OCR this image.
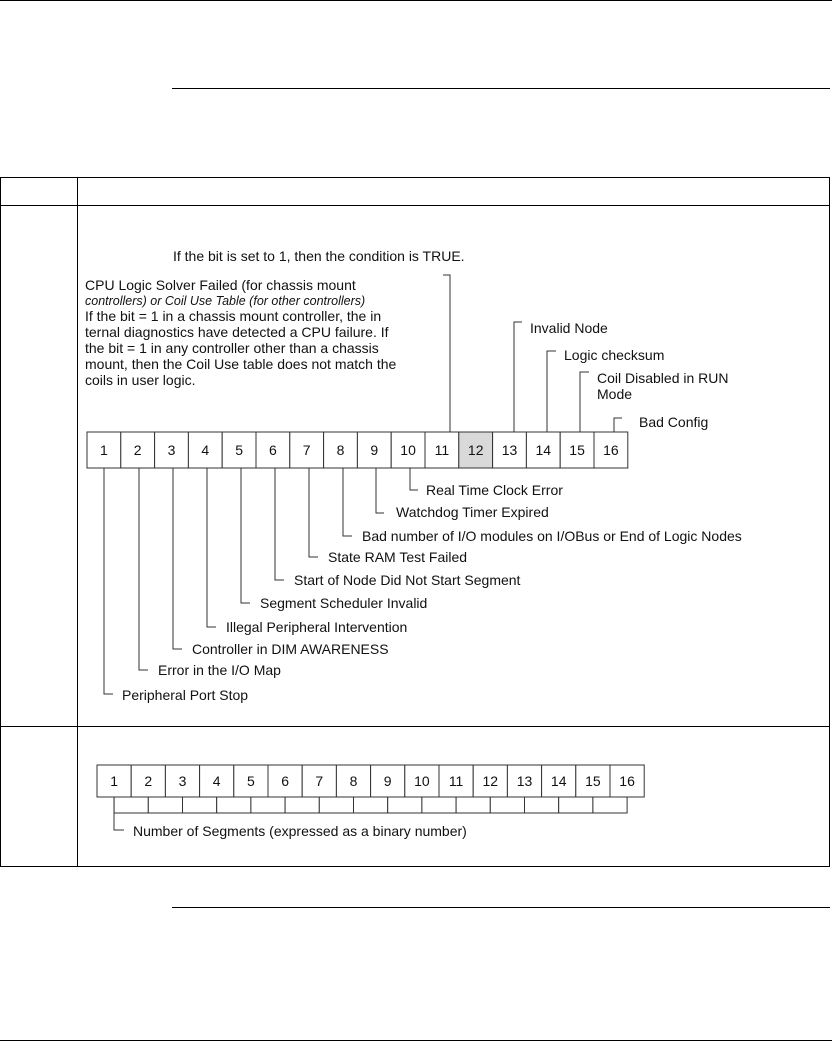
If the bit is set to 1, then the condition is TRUE.
CPU Logic Solver Failed (for chassis mount
controllers) or Coil Use Table (for other controllers)
If the bit = 1 in a chassis mount controller, the in
ternal diagnostics have detected a CPU failure. If
the bit = 1 in any controller other than a chassis
mount, then the Coil Use table does not match the
coils in user logic.
1 2 3 4 5 6 7 8 9 10 11 12 13 14 15 16
Invalid Node
Logic checksum
Coil Disabled in RUN
Mode
Bad Config
Real Time Clock Error
Watchdog Timer Expired
Bad number of I/O modules on I/OBus or End of Logic Nodes
State RAM Test Failed
Start of Node Did Not Start Segment
Segment Scheduler Invalid
Illegal Peripheral Intervention
Controller in DIM AWARENESS
Error in the I/O Map
Peripheral Port Stop
1 2 3 4 5 6 7 8 9 10 11 12 13 14 15 16
Number of Segments (expressed as a binary number)
